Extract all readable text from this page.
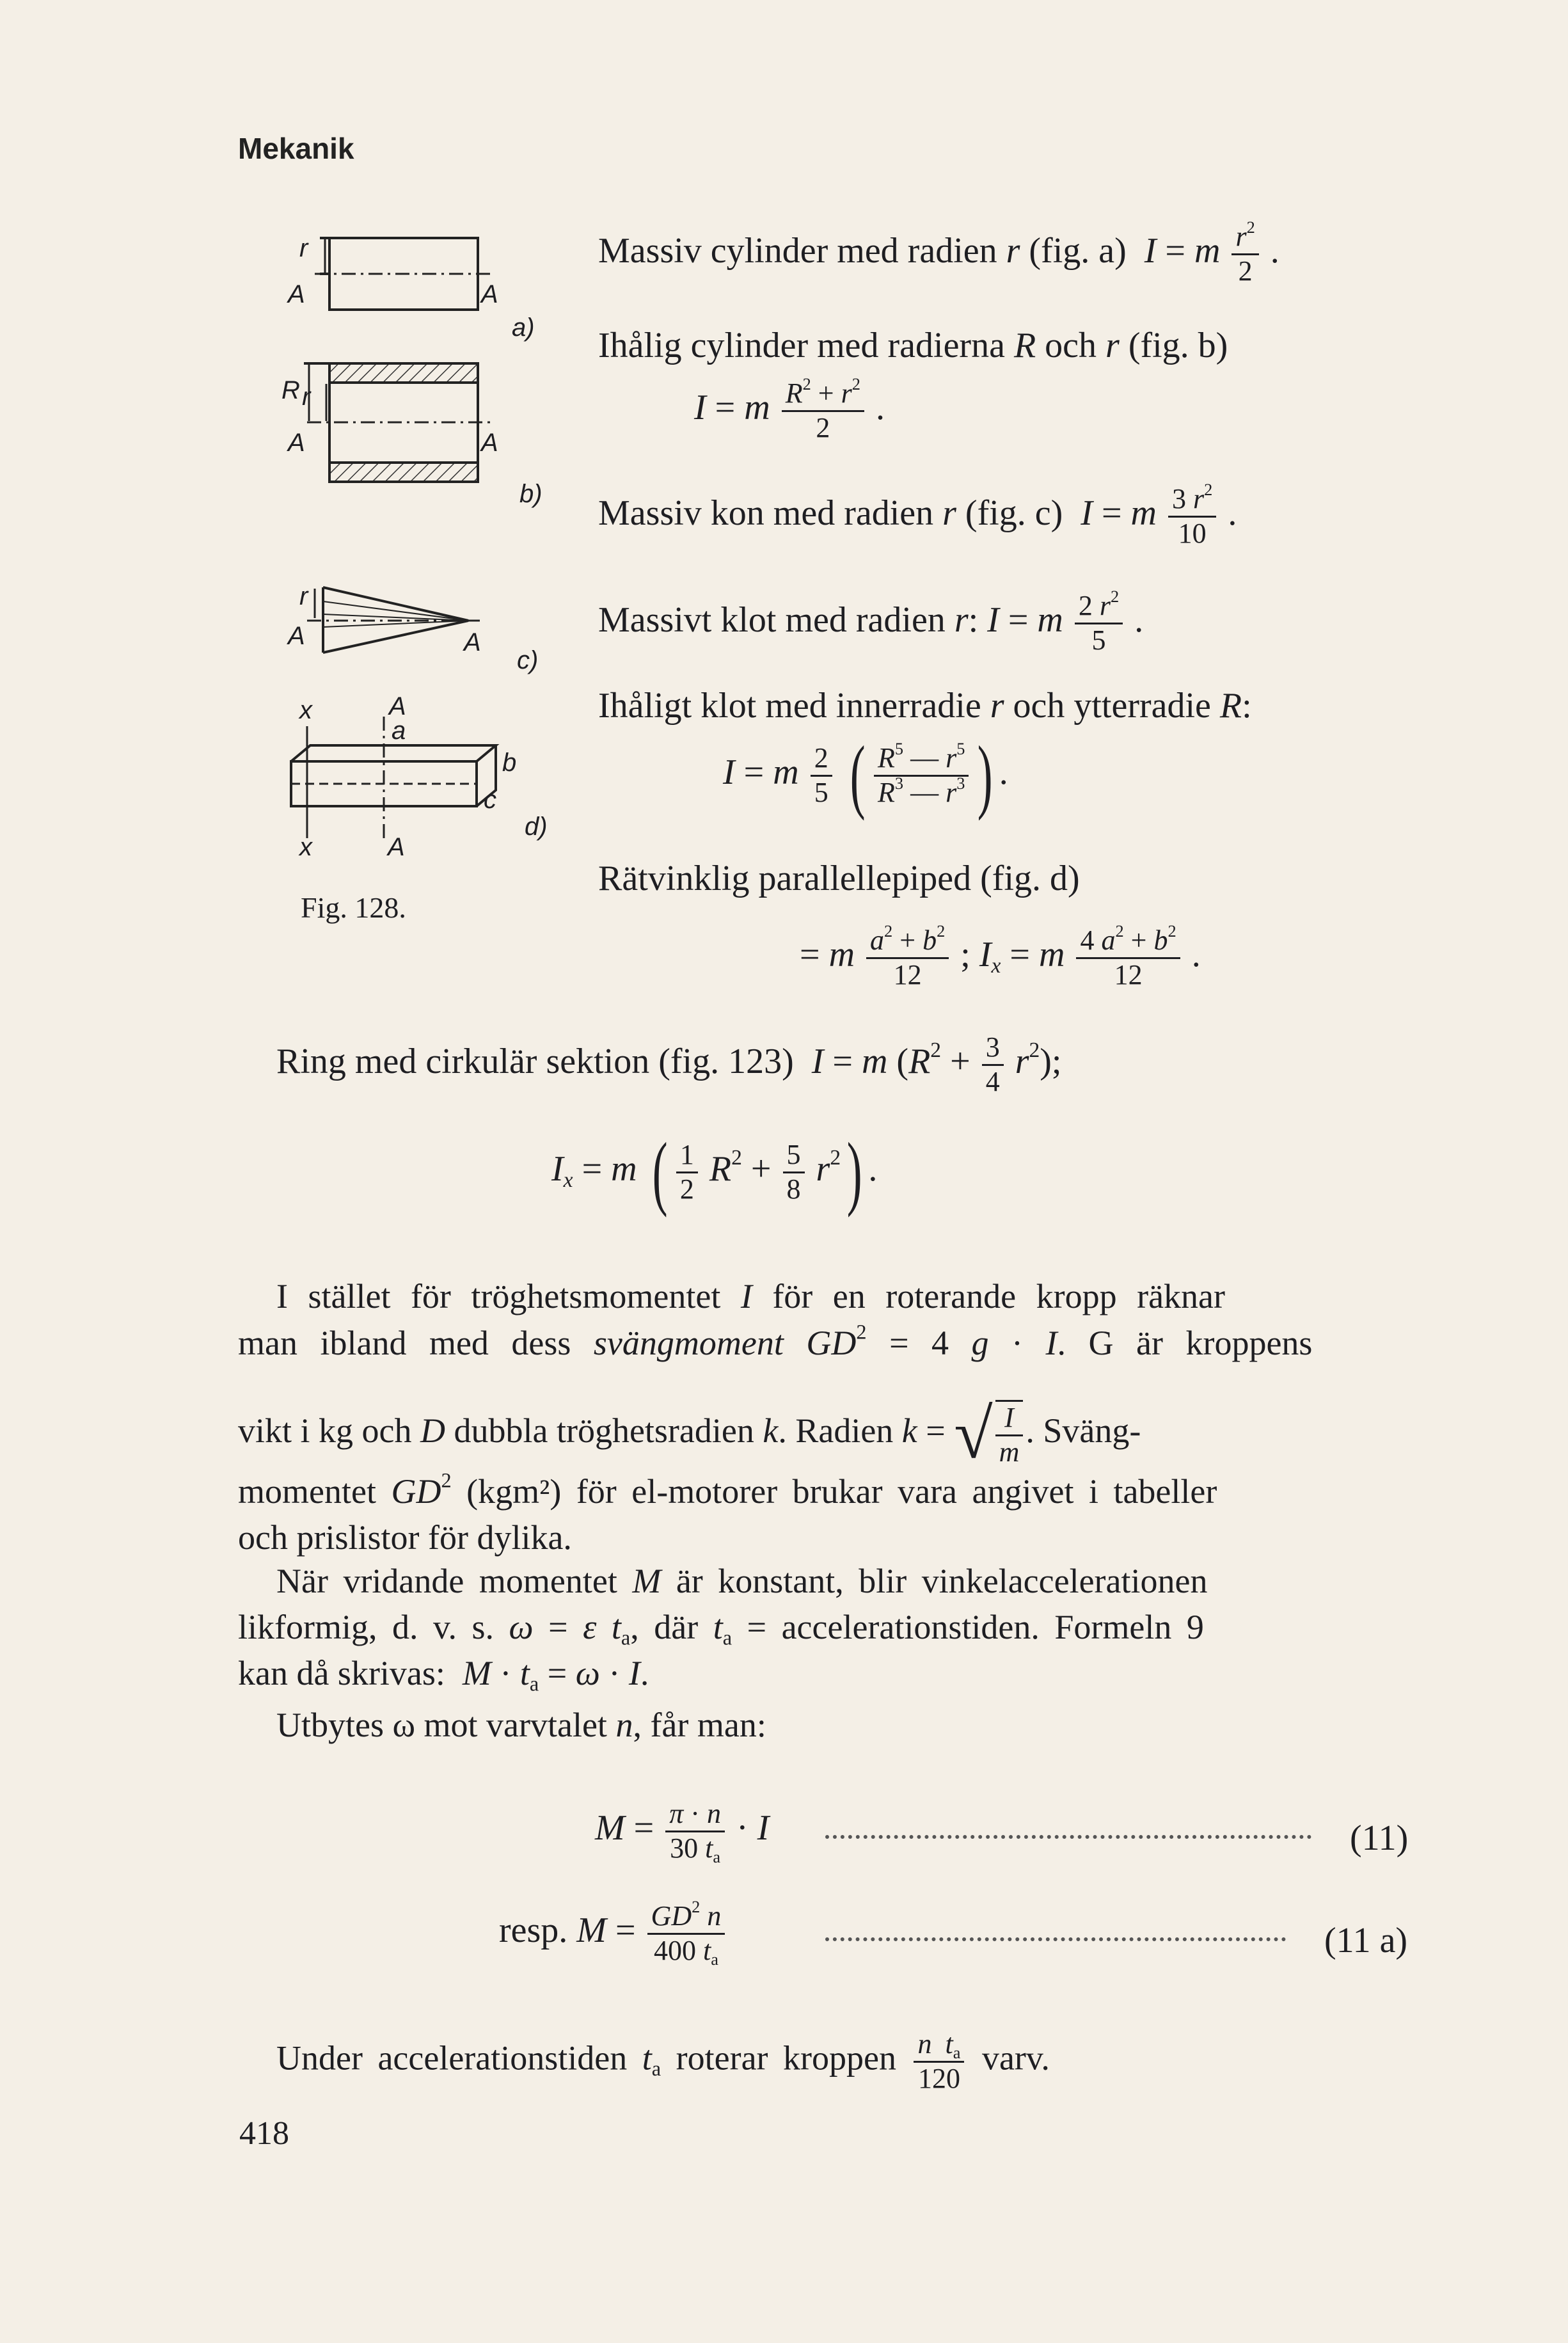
Mekanik
r
A	A
a)
R r
A	A
b)
r
A	A
c)
x	A
a
b
c
x	A
d)
Fig. 128.
Massiv cylinder med radien r (fig. a) I = m $\frac{r^2}{2}$ .
Ihålig cylinder med radierna R och r (fig. b)
I = m $\frac{R^2 + r^2}{2}$ .
Massiv kon med radien r (fig. c) I = m $\frac{3 r^2}{10}$ .
Massivt klot med radien r: I = m $\frac{2 r^2}{5}$ .
Ihåligt klot med innerradie r och ytterradie R:
I = m $\frac{2}{5}$ ( $\frac{R^5 — r^5}{R^3 — r^3}$ ) .
Rätvinklig parallellepiped (fig. d)
= m $\frac{a^2 + b^2}{12}$ ; $I_x = m \frac{4 a^2 + b^2}{12}$ .
Ring med cirkulär sektion (fig. 123) I = m $(R^2 + \frac{3}{4} r^2)$;
$I_x = m$ ( $\frac{1}{2} R^2 + \frac{5}{8} r^2$) .
I stället för tröghetsmomentet I för en roterande kropp räknar
man ibland med dess svängmoment $GD^2 = 4$ g · I. G är kroppens
vikt i kg och D dubbla tröghetsradien k. Radien k = √ $\frac{I}{m}$ . Sväng-
momentet $GD^2$ (kgm²) för el-motorer brukar vara angivet i tabeller
och prislistor för dylika.
När vridande momentet M är konstant, blir vinkelaccelerationen
likformig, d. v. s. ω = ε $t_a$, där $t_a$ = accelerationstiden. Formeln 9
kan då skrivas: $M \cdot t_a = \omega \cdot I$.
Utbytes ω mot varvtalet n, får man:
$M = \frac{\pi \cdot n}{30 t_a} \cdot I$	(11)
resp. $M = \frac{GD^2 n}{400 t_a}$	(11 a)
Under accelerationstiden $t_a$ roterar kroppen $\frac{n t_a}{120}$ varv.
418
